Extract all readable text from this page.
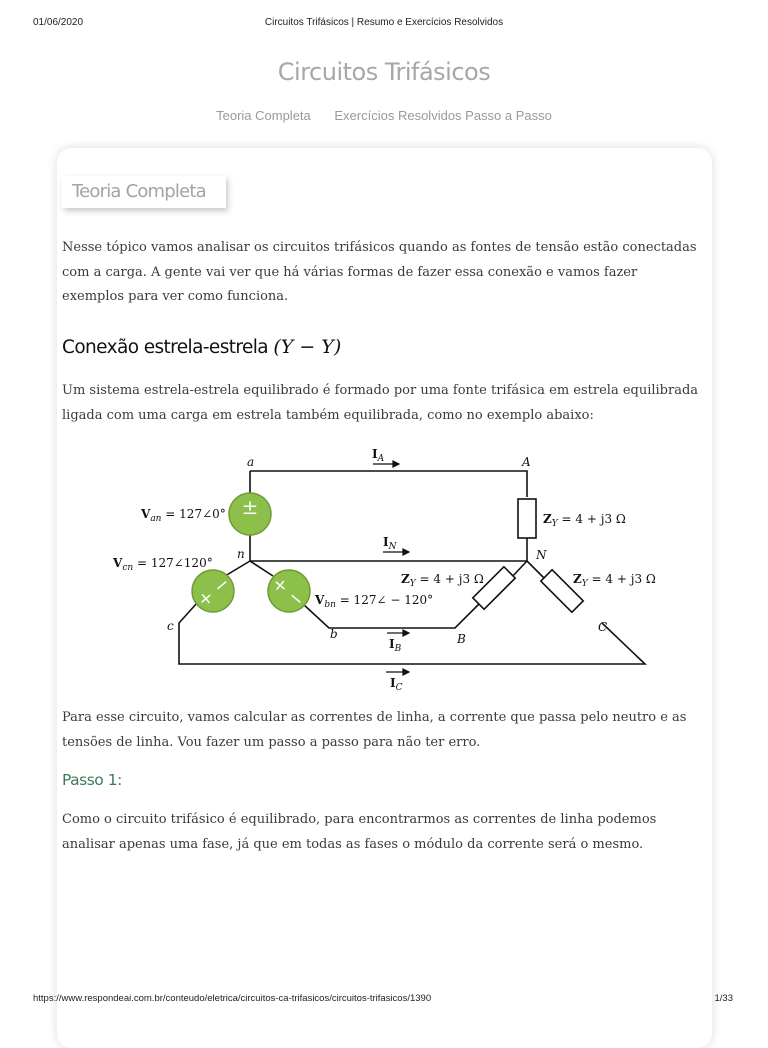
01/06/2020	Circuitos Trifásicos | Resumo e Exercícios Resolvidos
Circuitos Trifásicos
Teoria Completa Exercícios Resolvidos Passo a Passo
Teoria Completa
Nesse tópico vamos analisar os circuitos trifásicos quando as fontes de tensão estão conectadas com a carga. A gente vai ver que há várias formas de fazer essa conexão e vamos fazer exemplos para ver como funciona.
Conexão estrela-estrela (Y − Y)
Um sistema estrela-estrela equilibrado é formado por uma fonte trifásica em estrela equilibrada ligada com uma carga em estrela também equilibrada, como no exemplo abaixo:
±
+ − + −
a	A
n	N
b	B
c	C
$I_A$
$I_N$
$I_B$
$I_C$
$V_{an}$ = 127∠0°
$V_{cn}$ = 127∠120°
$V_{bn}$ = 127∠ − 120°
$Z_Y = 4 + j3$ Ω
$Z_Y = 4 + j3$ Ω	$Z_Y = 4 + j3$ Ω
Para esse circuito, vamos calcular as correntes de linha, a corrente que passa pelo neutro e as tensões de linha. Vou fazer um passo a passo para não ter erro.
Passo 1:
Como o circuito trifásico é equilibrado, para encontrarmos as correntes de linha podemos analisar apenas uma fase, já que em todas as fases o módulo da corrente será o mesmo.
https://www.respondeai.com.br/conteudo/eletrica/circuitos-ca-trifasicos/circuitos-trifasicos/1390	1/33
